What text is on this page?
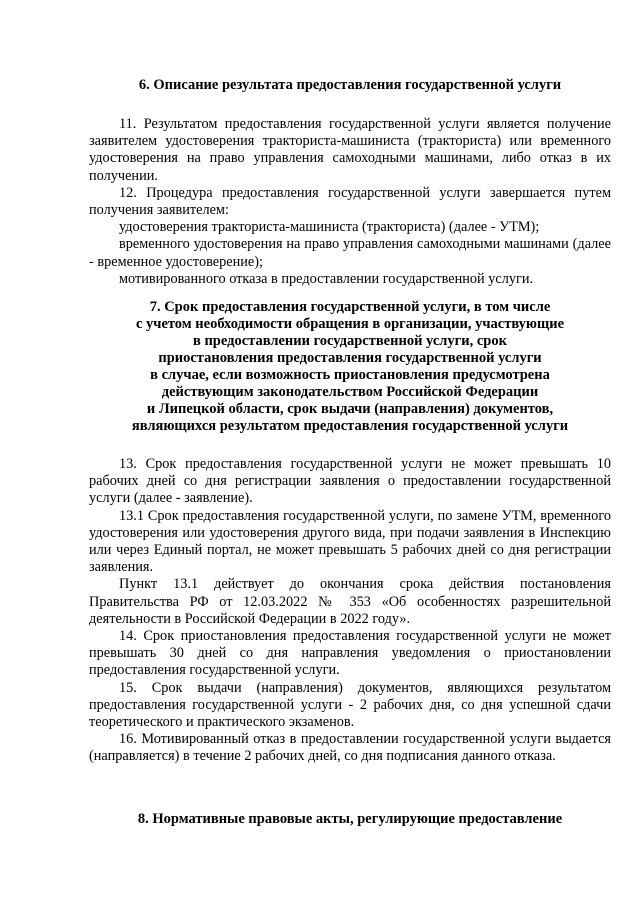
6. Описание результата предоставления государственной услуги

11. Результатом предоставления государственной услуги является получение заявителем удостоверения тракториста-машиниста (тракториста) или временного удостоверения на право управления самоходными машинами, либо отказ в их получении.

12. Процедура предоставления государственной услуги завершается путем получения заявителем:

удостоверения тракториста-машиниста (тракториста) (далее - УТМ);

временного удостоверения на право управления самоходными машинами (далее - временное удостоверение);

мотивированного отказа в предоставлении государственной услуги.

7. Срок предоставления государственной услуги, в том числе
с учетом необходимости обращения в организации, участвующие
в предоставлении государственной услуги, срок
приостановления предоставления государственной услуги
в случае, если возможность приостановления предусмотрена
действующим законодательством Российской Федерации
и Липецкой области, срок выдачи (направления) документов,
являющихся результатом предоставления государственной услуги

13. Срок предоставления государственной услуги не может превышать 10 рабочих дней со дня регистрации заявления о предоставлении государственной услуги (далее - заявление).

13.1 Срок предоставления государственной услуги, по замене УТМ, временного удостоверения или удостоверения другого вида, при подачи заявления в Инспекцию или через Единый портал, не может превышать 5 рабочих дней со дня регистрации заявления.

Пункт 13.1 действует до окончания срока действия постановления Правительства РФ от 12.03.2022 № 353 «Об особенностях разрешительной деятельности в Российской Федерации в 2022 году».

14. Срок приостановления предоставления государственной услуги не может превышать 30 дней со дня направления уведомления о приостановлении предоставления государственной услуги.

15. Срок выдачи (направления) документов, являющихся результатом предоставления государственной услуги - 2 рабочих дня, со дня успешной сдачи теоретического и практического экзаменов.

16. Мотивированный отказ в предоставлении государственной услуги выдается (направляется) в течение 2 рабочих дней, со дня подписания данного отказа.

8. Нормативные правовые акты, регулирующие предоставление
